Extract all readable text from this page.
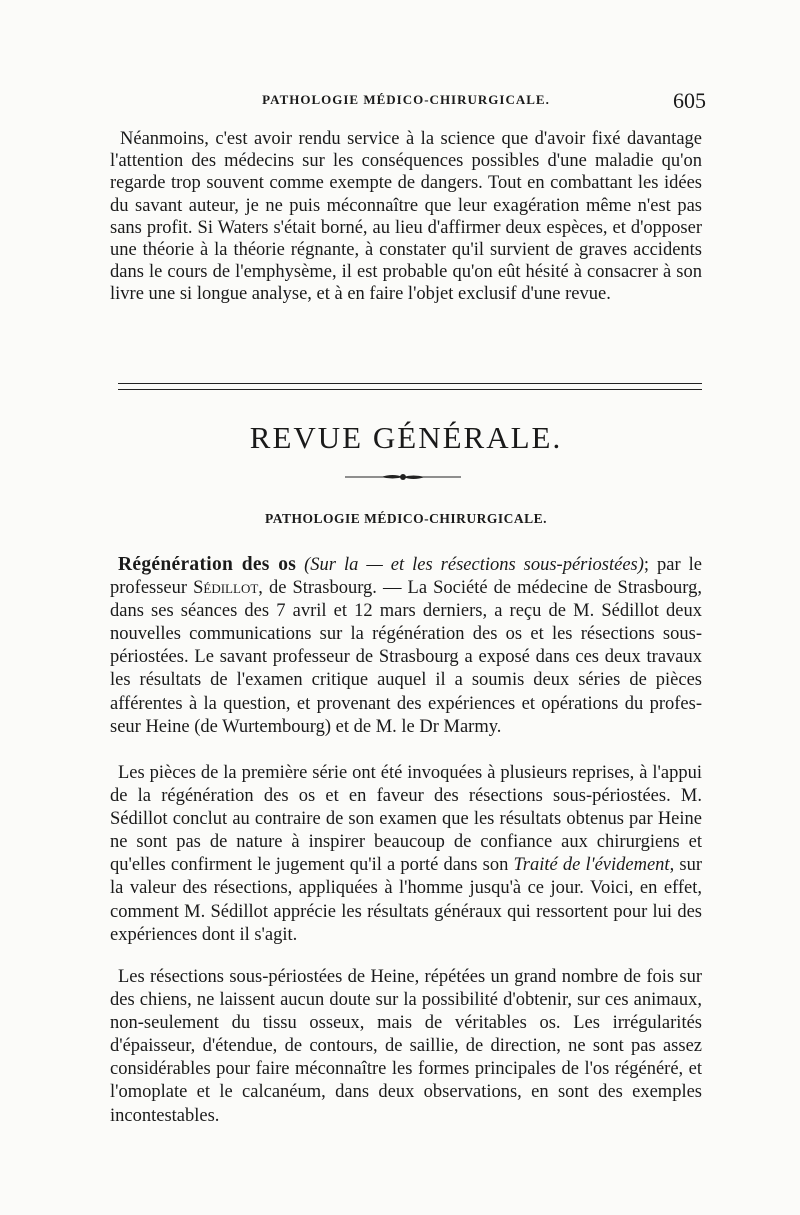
PATHOLOGIE MÉDICO-CHIRURGICALE.	605

Néanmoins, c'est avoir rendu service à la science que d'avoir fixé davantage l'attention des médecins sur les conséquences possibles d'une maladie qu'on regarde trop souvent comme exempte de dangers. Tout en combattant les idées du savant auteur, je ne puis méconnaître que leur exagération même n'est pas sans profit. Si Waters s'était borné, au lieu d'affirmer deux espèces, et d'opposer une théorie à la théorie régnante, à constater qu'il survient de graves accidents dans le cours de l'emphysème, il est probable qu'on eût hésité à consacrer à son livre une si longue analyse, et à en faire l'objet exclusif d'une revue.

REVUE GÉNÉRALE.
PATHOLOGIE MÉDICO-CHIRURGICALE.

Régénération des os (Sur la — et les résections sous-périostées); par le professeur Sédillot, de Strasbourg. — La Société de médecine de Strasbourg, dans ses séances des 7 avril et 12 mars derniers, a reçu de M. Sédillot deux nouvelles communications sur la régénération des os et les résections sous-périostées. Le savant professeur de Strasbourg a exposé dans ces deux travaux les résultats de l'examen critique auquel il a soumis deux séries de pièces afférentes à la question, et provenant des expériences et opérations du professeur Heine (de Wurtembourg) et de M. le Dr Marmy.

Les pièces de la première série ont été invoquées à plusieurs reprises, à l'appui de la régénération des os et en faveur des résections sous-périostées. M. Sédillot conclut au contraire de son examen que les résultats obtenus par Heine ne sont pas de nature à inspirer beaucoup de confiance aux chirurgiens et qu'elles confirment le jugement qu'il a porté dans son Traité de l'évidement, sur la valeur des résections, appliquées à l'homme jusqu'à ce jour. Voici, en effet, comment M. Sédillot apprécie les résultats généraux qui ressortent pour lui des expériences dont il s'agit.

Les résections sous-périostées de Heine, répétées un grand nombre de fois sur des chiens, ne laissent aucun doute sur la possibilité d'obtenir, sur ces animaux, non-seulement du tissu osseux, mais de véritables os. Les irrégularités d'épaisseur, d'étendue, de contours, de saillie, de direction, ne sont pas assez considérables pour faire méconnaître les formes principales de l'os régénéré, et l'omoplate et le calcanéum, dans deux observations, en sont des exemples incontestables.
